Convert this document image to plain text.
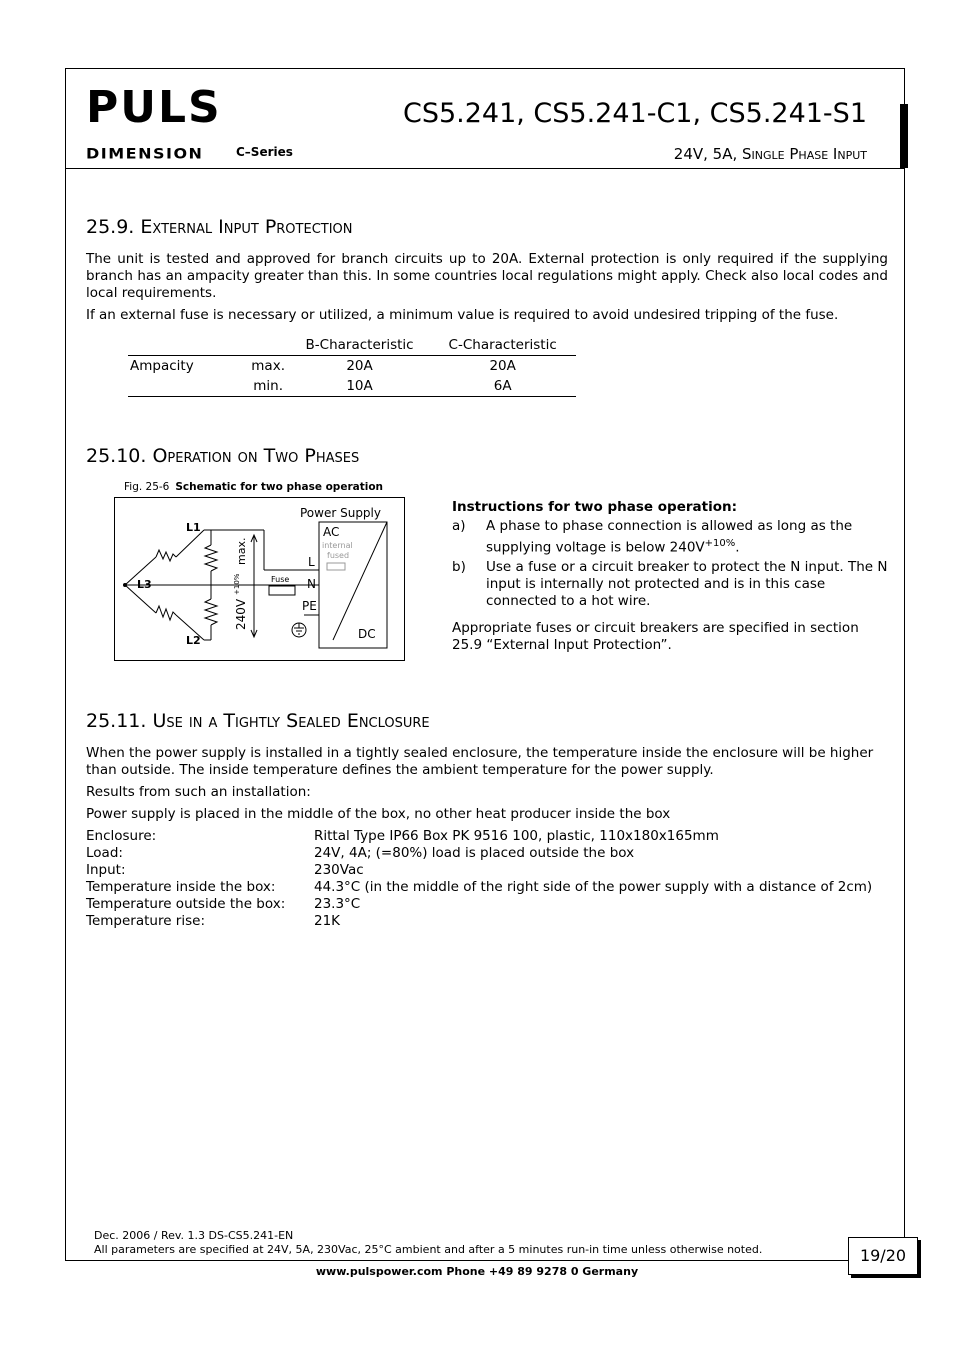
PULS
DIMENSION	C–Series
CS5.241, CS5.241-C1, CS5.241-S1
24V, 5A, Single Phase Input
25.9. External Input Protection

The unit is tested and approved for branch circuits up to 20A. External protection is only required if the supplying branch has an ampacity greater than this. In some countries local regulations might apply. Check also local codes and local requirements.

If an external fuse is necessary or utilized, a minimum value is required to avoid undesired tripping of the fuse.

		B-Characteristic	C-Characteristic
Ampacity	max.	20A	20A
	min.	10A	6A
25.10. Operation on Two Phases
Fig. 25-6 Schematic for two phase operation
L1
L2
L3
Power Supply
AC
DC
internal
fused
L
N
PE
Fuse
240V
+10%
max.
Instructions for two phase operation:
a)	A phase to phase connection is allowed as long as the supplying voltage is below $240V^{+10\%}$.
b)	Use a fuse or a circuit breaker to protect the N input. The N input is internally not protected and is in this case connected to a hot wire.
Appropriate fuses or circuit breakers are specified in section 25.9 “External Input Protection”.
25.11. Use in a Tightly Sealed Enclosure

When the power supply is installed in a tightly sealed enclosure, the temperature inside the enclosure will be higher than outside. The inside temperature defines the ambient temperature for the power supply.

Results from such an installation:

Power supply is placed in the middle of the box, no other heat producer inside the box

Enclosure:	Rittal Type IP66 Box PK 9516 100, plastic, 110x180x165mm
Load:	24V, 4A; (=80%) load is placed outside the box
Input:	230Vac
Temperature inside the box:	44.3°C (in the middle of the right side of the power supply with a distance of 2cm)
Temperature outside the box:	23.3°C
Temperature rise:	21K
Dec. 2006 / Rev. 1.3 DS-CS5.241-EN
All parameters are specified at 24V, 5A, 230Vac, 25°C ambient and after a 5 minutes run-in time unless otherwise noted.	19/20
www.pulspower.com Phone +49 89 9278 0 Germany
